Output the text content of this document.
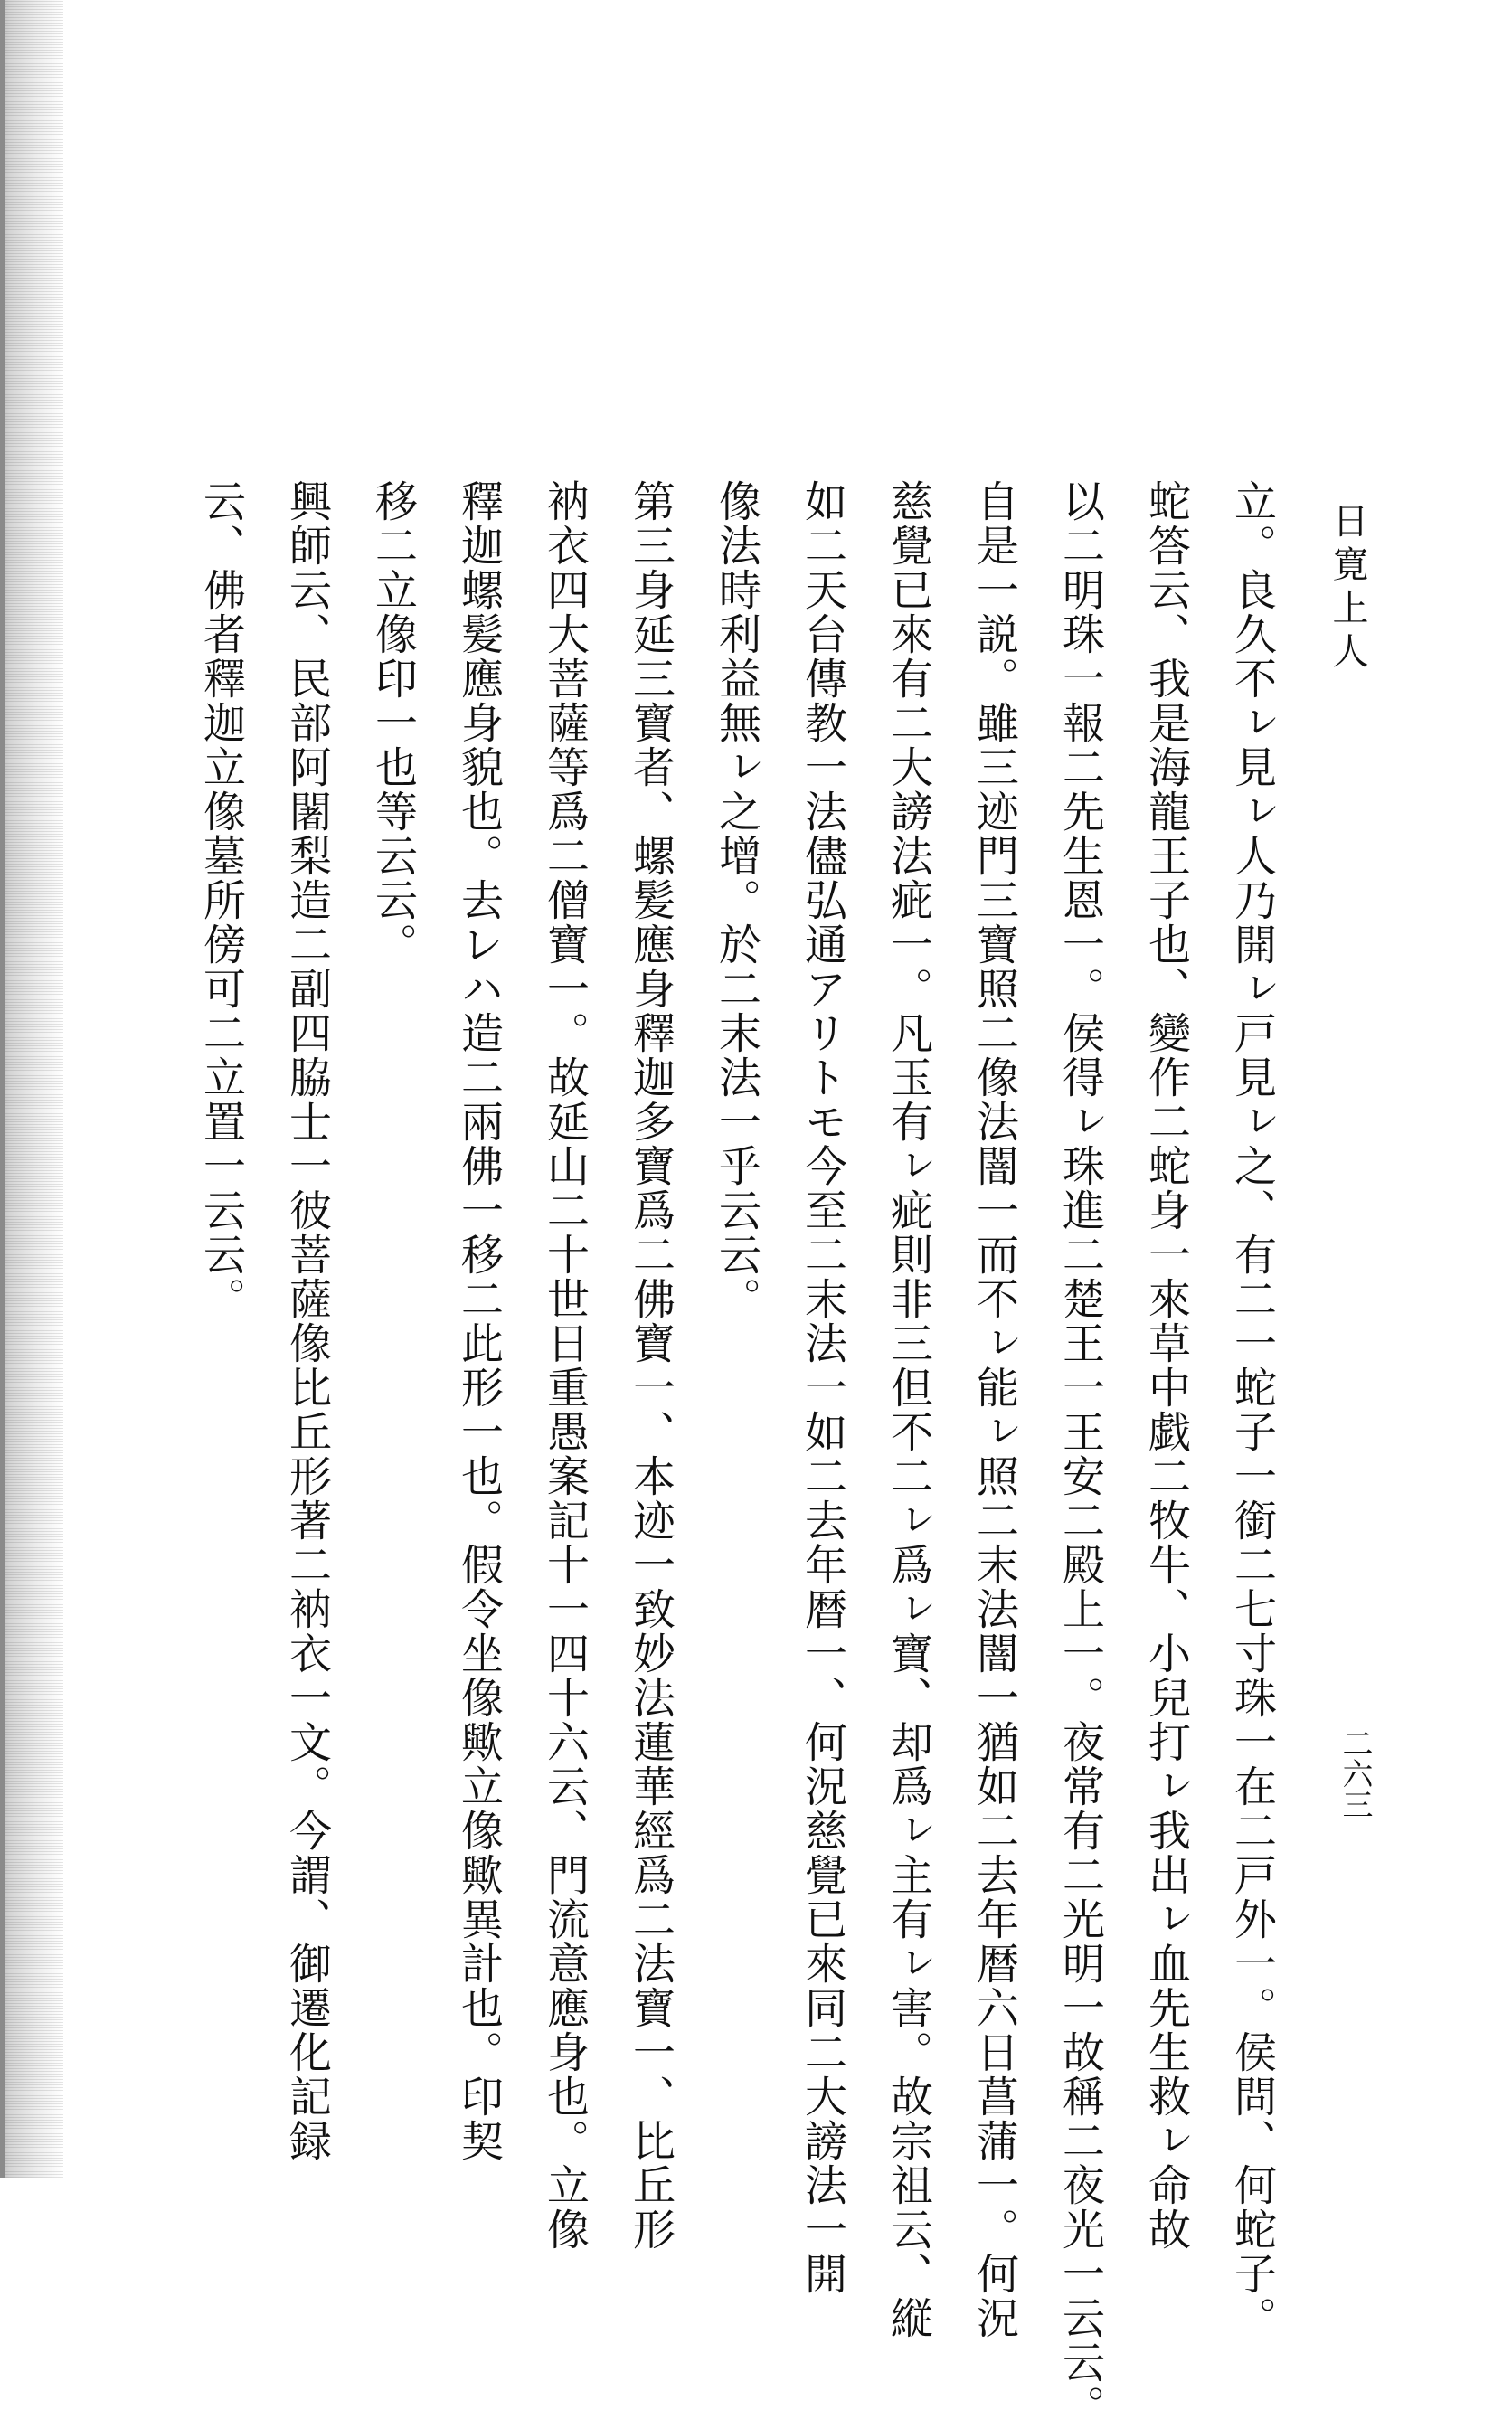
日寛上人
二六三
立。良久不ㇾ見ㇾ人乃開ㇾ戸見ㇾ之、有二一蛇子一銜二七寸珠一在二戸外一。侯問、何蛇子。
蛇答云、我是海龍王子也、變作二蛇身一來草中戯二牧牛、小兒打ㇾ我出ㇾ血先生救ㇾ命故
以二明珠一報二先生恩一。侯得ㇾ珠進二楚王一王安二殿上一。夜常有二光明一故稱二夜光一云云。
自是一説。雖三迹門三寶照二像法闇一而不ㇾ能ㇾ照二末法闇一猶如二去年暦六日菖蒲一。何況
慈覺已來有二大謗法疵一。凡玉有ㇾ疵則非三但不二ㇾ爲ㇾ寶、却爲ㇾ主有ㇾ害。故宗祖云、縦
如二天台傳教一法儘弘通アリトモ今至二末法一如二去年暦一、何況慈覺已來同二大謗法一開
像法時利益無ㇾ之增。於二末法一乎云云。
第三身延三寶者、螺髪應身釋迦多寶爲二佛寶一、本迹一致妙法蓮華經爲二法寶一、比丘形
衲衣四大菩薩等爲二僧寶一。故延山二十世日重愚案記十一四十六云、門流意應身也。立像
釋迦螺髪應身貌也。去レハ造二兩佛一移二此形一也。假令坐像歟立像歟異計也。印契
移二立像印一也等云云。
興師云、民部阿闍梨造二副四脇士一彼菩薩像比丘形著二衲衣一文。今謂、御遷化記録
云、佛者釋迦立像墓所傍可二立置一云云。
